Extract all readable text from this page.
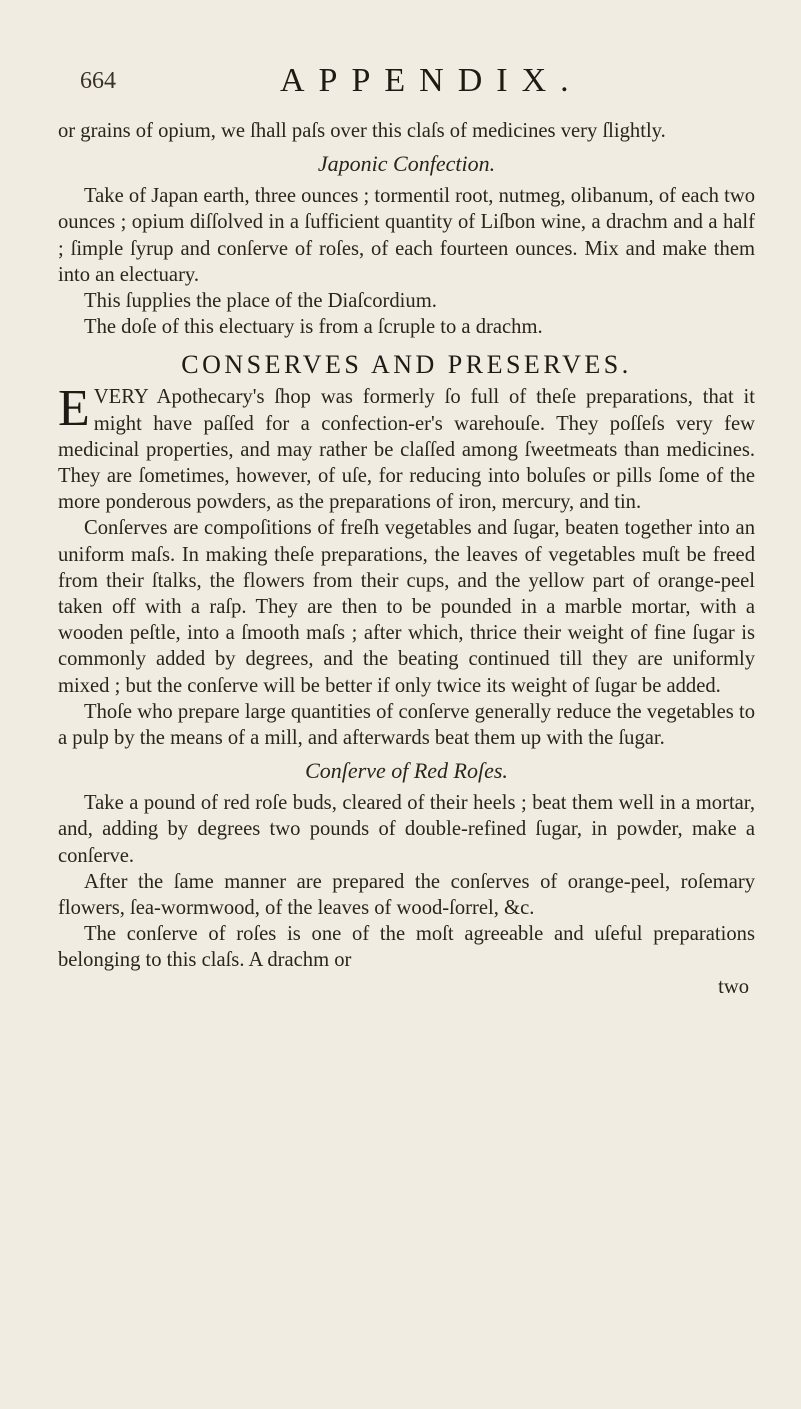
664	APPENDIX.

or grains of opium, we ſhall paſs over this claſs of medicines very ſlightly.

Japonic Confection.

Take of Japan earth, three ounces ; tormentil root, nutmeg, olibanum, of each two ounces ; opium diſſolved in a ſufficient quantity of Liſbon wine, a drachm and a half ; ſimple ſyrup and conſerve of roſes, of each fourteen ounces. Mix and make them into an electuary.

This ſupplies the place of the Diaſcordium.

The doſe of this electuary is from a ſcruple to a drachm.

CONSERVES AND PRESERVES.

EVERY Apothecary's ſhop was formerly ſo full of theſe preparations, that it might have paſſed for a confection-er's warehouſe. They poſſeſs very few medicinal properties, and may rather be claſſed among ſweetmeats than medicines. They are ſometimes, however, of uſe, for reducing into boluſes or pills ſome of the more ponderous powders, as the preparations of iron, mercury, and tin.

Conſerves are compoſitions of freſh vegetables and ſugar, beaten together into an uniform maſs. In making theſe preparations, the leaves of vegetables muſt be freed from their ſtalks, the flowers from their cups, and the yellow part of orange-peel taken off with a raſp. They are then to be pounded in a marble mortar, with a wooden peſtle, into a ſmooth maſs ; after which, thrice their weight of fine ſugar is commonly added by degrees, and the beating continued till they are uniformly mixed ; but the conſerve will be better if only twice its weight of ſugar be added.

Thoſe who prepare large quantities of conſerve generally reduce the vegetables to a pulp by the means of a mill, and afterwards beat them up with the ſugar.

Conſerve of Red Roſes.

Take a pound of red roſe buds, cleared of their heels ; beat them well in a mortar, and, adding by degrees two pounds of double-refined ſugar, in powder, make a conſerve.

After the ſame manner are prepared the conſerves of orange-peel, roſemary flowers, ſea-wormwood, of the leaves of wood-ſorrel, &c.

The conſerve of roſes is one of the moſt agreeable and uſeful preparations belonging to this claſs. A drachm or

two
